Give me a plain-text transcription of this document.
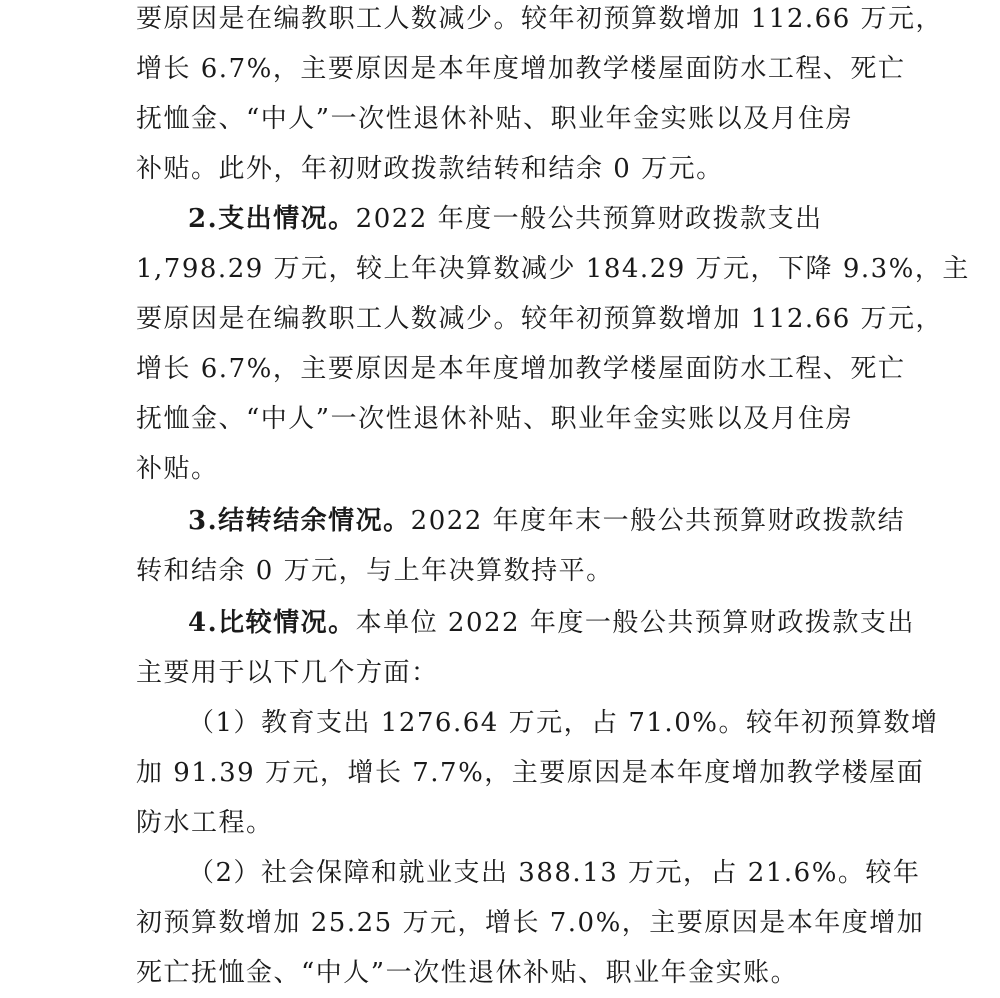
要原因是在编教职工人数减少。较年初预算数增加 112.66 万元，
增长 6.7%，主要原因是本年度增加教学楼屋面防水工程、死亡
抚恤金、“中人”一次性退休补贴、职业年金实账以及月住房
补贴。此外，年初财政拨款结转和结余 0 万元。
2.支出情况。2022 年度一般公共预算财政拨款支出
1,798.29 万元，较上年决算数减少 184.29 万元，下降 9.3%，主
要原因是在编教职工人数减少。较年初预算数增加 112.66 万元，
增长 6.7%，主要原因是本年度增加教学楼屋面防水工程、死亡
抚恤金、“中人”一次性退休补贴、职业年金实账以及月住房
补贴。
3.结转结余情况。2022 年度年末一般公共预算财政拨款结
转和结余 0 万元，与上年决算数持平。
4.比较情况。本单位 2022 年度一般公共预算财政拨款支出
主要用于以下几个方面：
（1）教育支出 1276.64 万元，占 71.0%。较年初预算数增
加 91.39 万元，增长 7.7%，主要原因是本年度增加教学楼屋面
防水工程。
（2）社会保障和就业支出 388.13 万元，占 21.6%。较年
初预算数增加 25.25 万元，增长 7.0%，主要原因是本年度增加
死亡抚恤金、“中人”一次性退休补贴、职业年金实账。
